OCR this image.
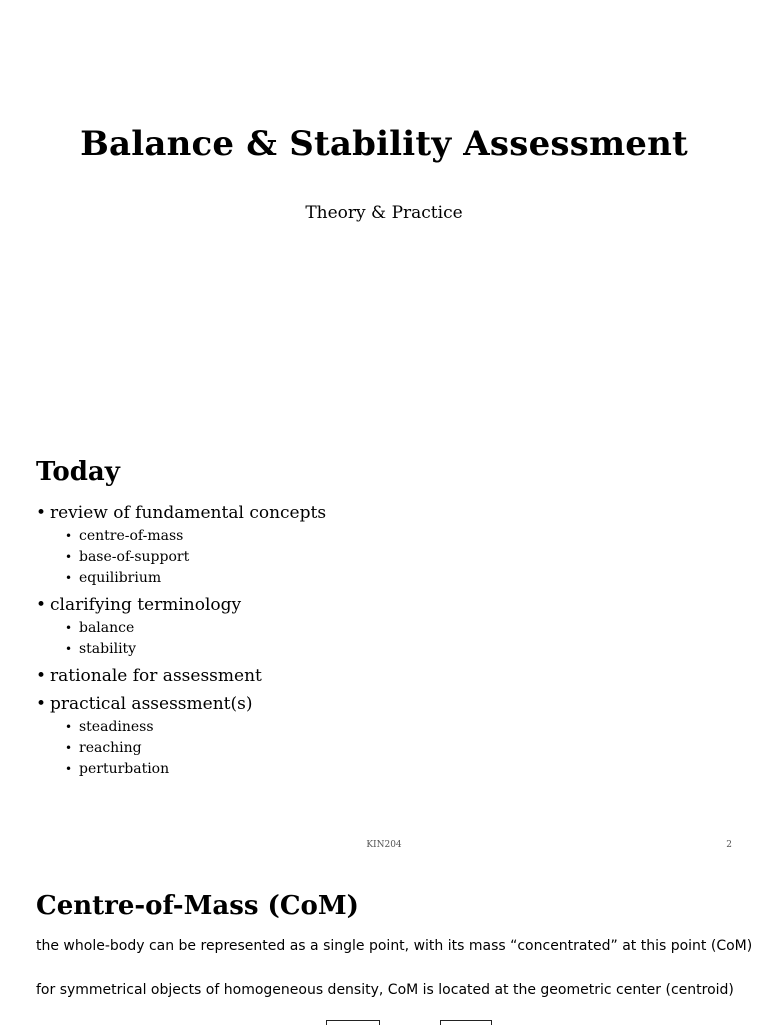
Balance & Stability Assessment
Theory & Practice
Today
• review of fundamental concepts
• centre-of-mass
• base-of-support
• equilibrium
• clarifying terminology
• balance
• stability
• rationale for assessment
• practical assessment(s)
• steadiness
• reaching
• perturbation
KIN204	2
Centre-of-Mass (CoM)
the whole-body can be represented as a single point, with its mass “concentrated” at this point (CoM)
for symmetrical objects of homogeneous density, CoM is located at the geometric center (centroid)
